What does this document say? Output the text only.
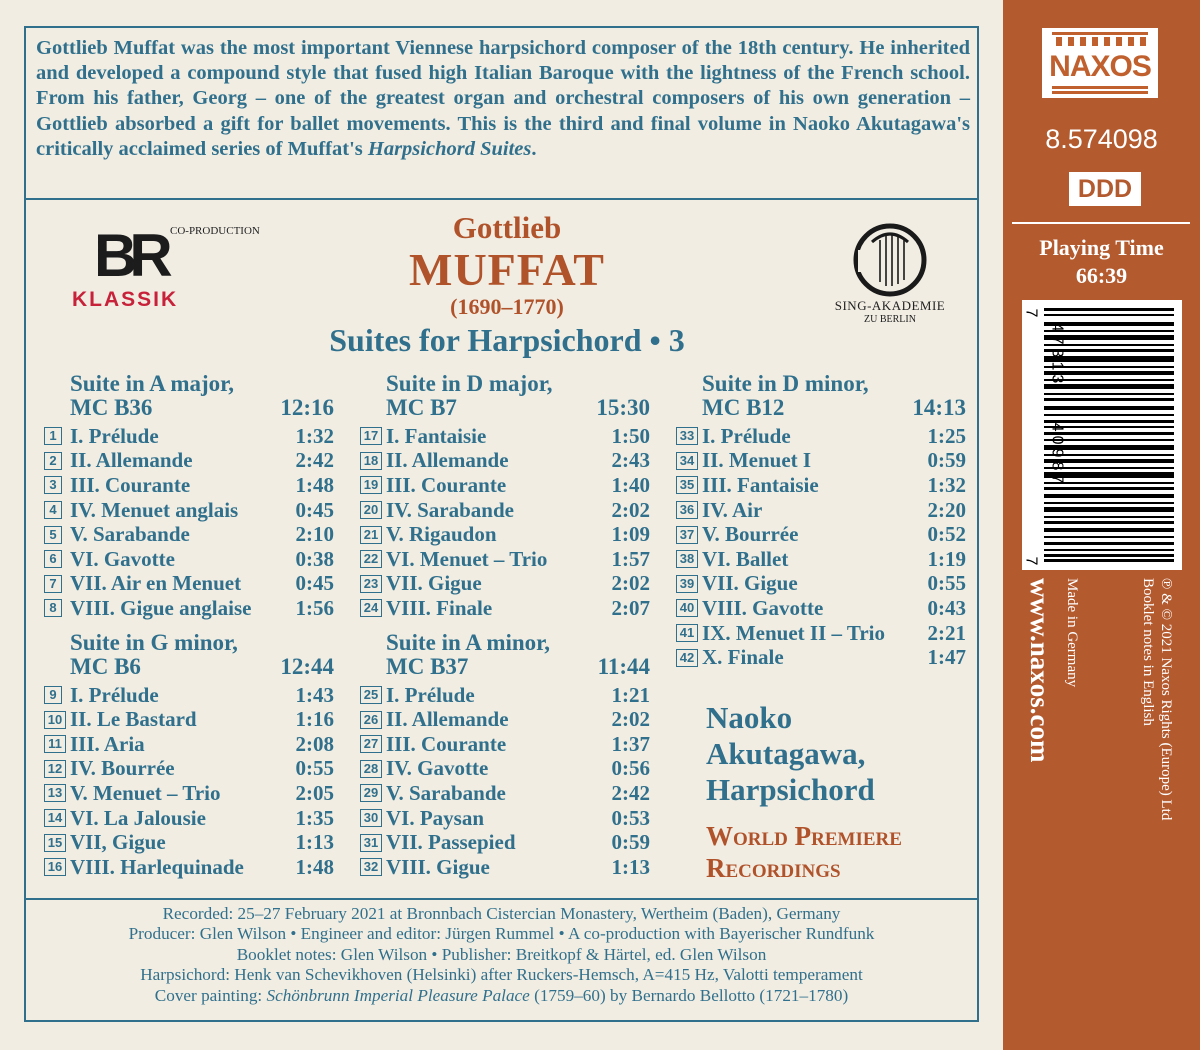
Gottlieb Muffat was the most important Viennese harpsichord composer of the 18th century. He inherited and developed a compound style that fused high Italian Baroque with the lightness of the French school. From his father, Georg – one of the greatest organ and orchestral composers of his own generation – Gottlieb absorbed a gift for ballet movements. This is the third and final volume in Naoko Akutagawa's critically acclaimed series of Muffat's Harpsichord Suites.
BR CO-PRODUCTION
KLASSIK
Gottlieb
MUFFAT
(1690–1770)
Suites for Harpsichord • 3
SING-AKADEMIE
ZU BERLIN
Suite in A major,
MC B36	12:16
1 I. Prélude	1:32
2 II. Allemande	2:42
3 III. Courante	1:48
4 IV. Menuet anglais	0:45
5 V. Sarabande	2:10
6 VI. Gavotte	0:38
7 VII. Air en Menuet	0:45
8 VIII. Gigue anglaise	1:56
Suite in G minor,
MC B6	12:44
9 I. Prélude	1:43
10 II. Le Bastard	1:16
11 III. Aria	2:08
12 IV. Bourrée	0:55
13 V. Menuet – Trio	2:05
14 VI. La Jalousie	1:35
15 VII, Gigue	1:13
16 VIII. Harlequinade	1:48
Suite in D major,
MC B7	15:30
17 I. Fantaisie	1:50
18 II. Allemande	2:43
19 III. Courante	1:40
20 IV. Sarabande	2:02
21 V. Rigaudon	1:09
22 VI. Menuet – Trio	1:57
23 VII. Gigue	2:02
24 VIII. Finale	2:07
Suite in A minor,
MC B37	11:44
25 I. Prélude	1:21
26 II. Allemande	2:02
27 III. Courante	1:37
28 IV. Gavotte	0:56
29 V. Sarabande	2:42
30 VI. Paysan	0:53
31 VII. Passepied	0:59
32 VIII. Gigue	1:13
Suite in D minor,
MC B12	14:13
33 I. Prélude	1:25
34 II. Menuet I	0:59
35 III. Fantaisie	1:32
36 IV. Air	2:20
37 V. Bourrée	0:52
38 VI. Ballet	1:19
39 VII. Gigue	0:55
40 VIII. Gavotte	0:43
41 IX. Menuet II – Trio	2:21
42 X. Finale	1:47
Naoko
Akutagawa,
Harpsichord
World Premiere
Recordings
Recorded: 25–27 February 2021 at Bronnbach Cistercian Monastery, Wertheim (Baden), Germany
Producer: Glen Wilson • Engineer and editor: Jürgen Rummel • A co-production with Bayerischer Rundfunk
Booklet notes: Glen Wilson • Publisher: Breitkopf & Härtel, ed. Glen Wilson
Harpsichord: Henk van Schevikhoven (Helsinki) after Ruckers-Hemsch, A=415 Hz, Valotti temperament
Cover painting: Schönbrunn Imperial Pleasure Palace (1759–60) by Bernardo Bellotto (1721–1780)
NAXOS
8.574098
DDD
Playing Time
66:39
7
47313
40987
7
www.naxos.com Made in Germany	℗ & © 2021 Naxos Rights (Europe) Ltd
Booklet notes in English
